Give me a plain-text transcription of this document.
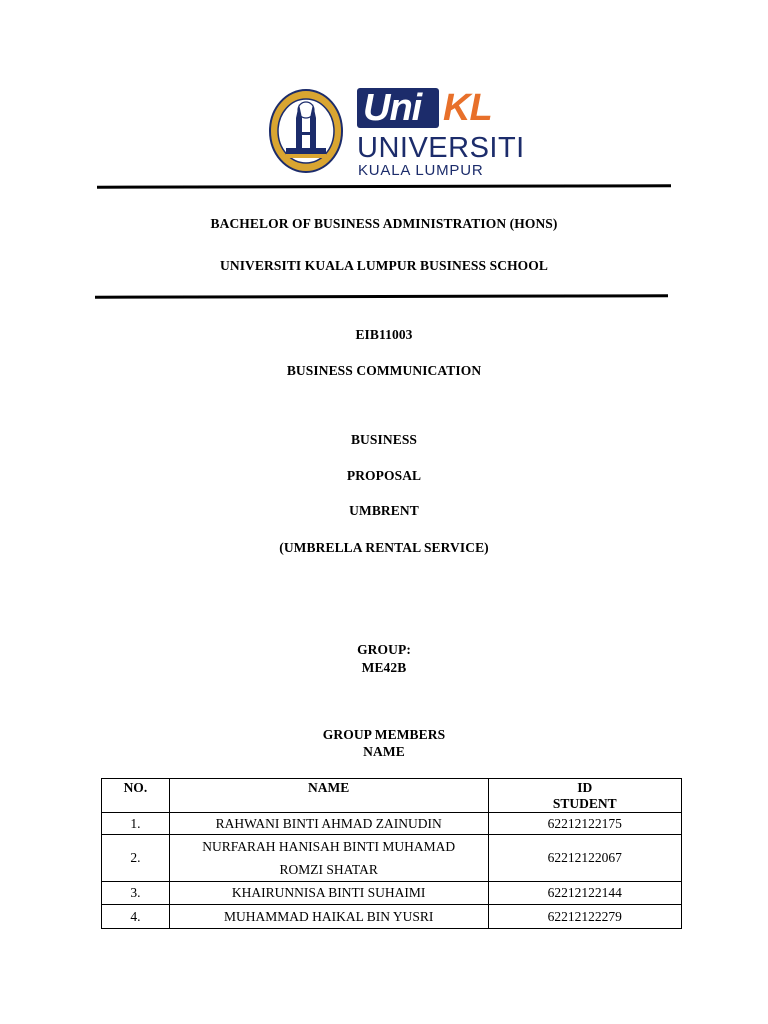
Uni KL
UNIVERSITI
KUALA LUMPUR
BACHELOR OF BUSINESS ADMINISTRATION (HONS)
UNIVERSITI KUALA LUMPUR BUSINESS SCHOOL
EIB11003
BUSINESS COMMUNICATION
BUSINESS
PROPOSAL
UMBRENT
(UMBRELLA RENTAL SERVICE)
GROUP:
ME42B
GROUP MEMBERS
NAME
NO.	NAME	ID
STUDENT

1.	RAHWANI BINTI AHMAD ZAINUDIN	62212122175
2.	NURFARAH HANISAH BINTI MUHAMAD
ROMZI SHATAR	62212122067
3.	KHAIRUNNISA BINTI SUHAIMI	62212122144
4.	MUHAMMAD HAIKAL BIN YUSRI	62212122279
